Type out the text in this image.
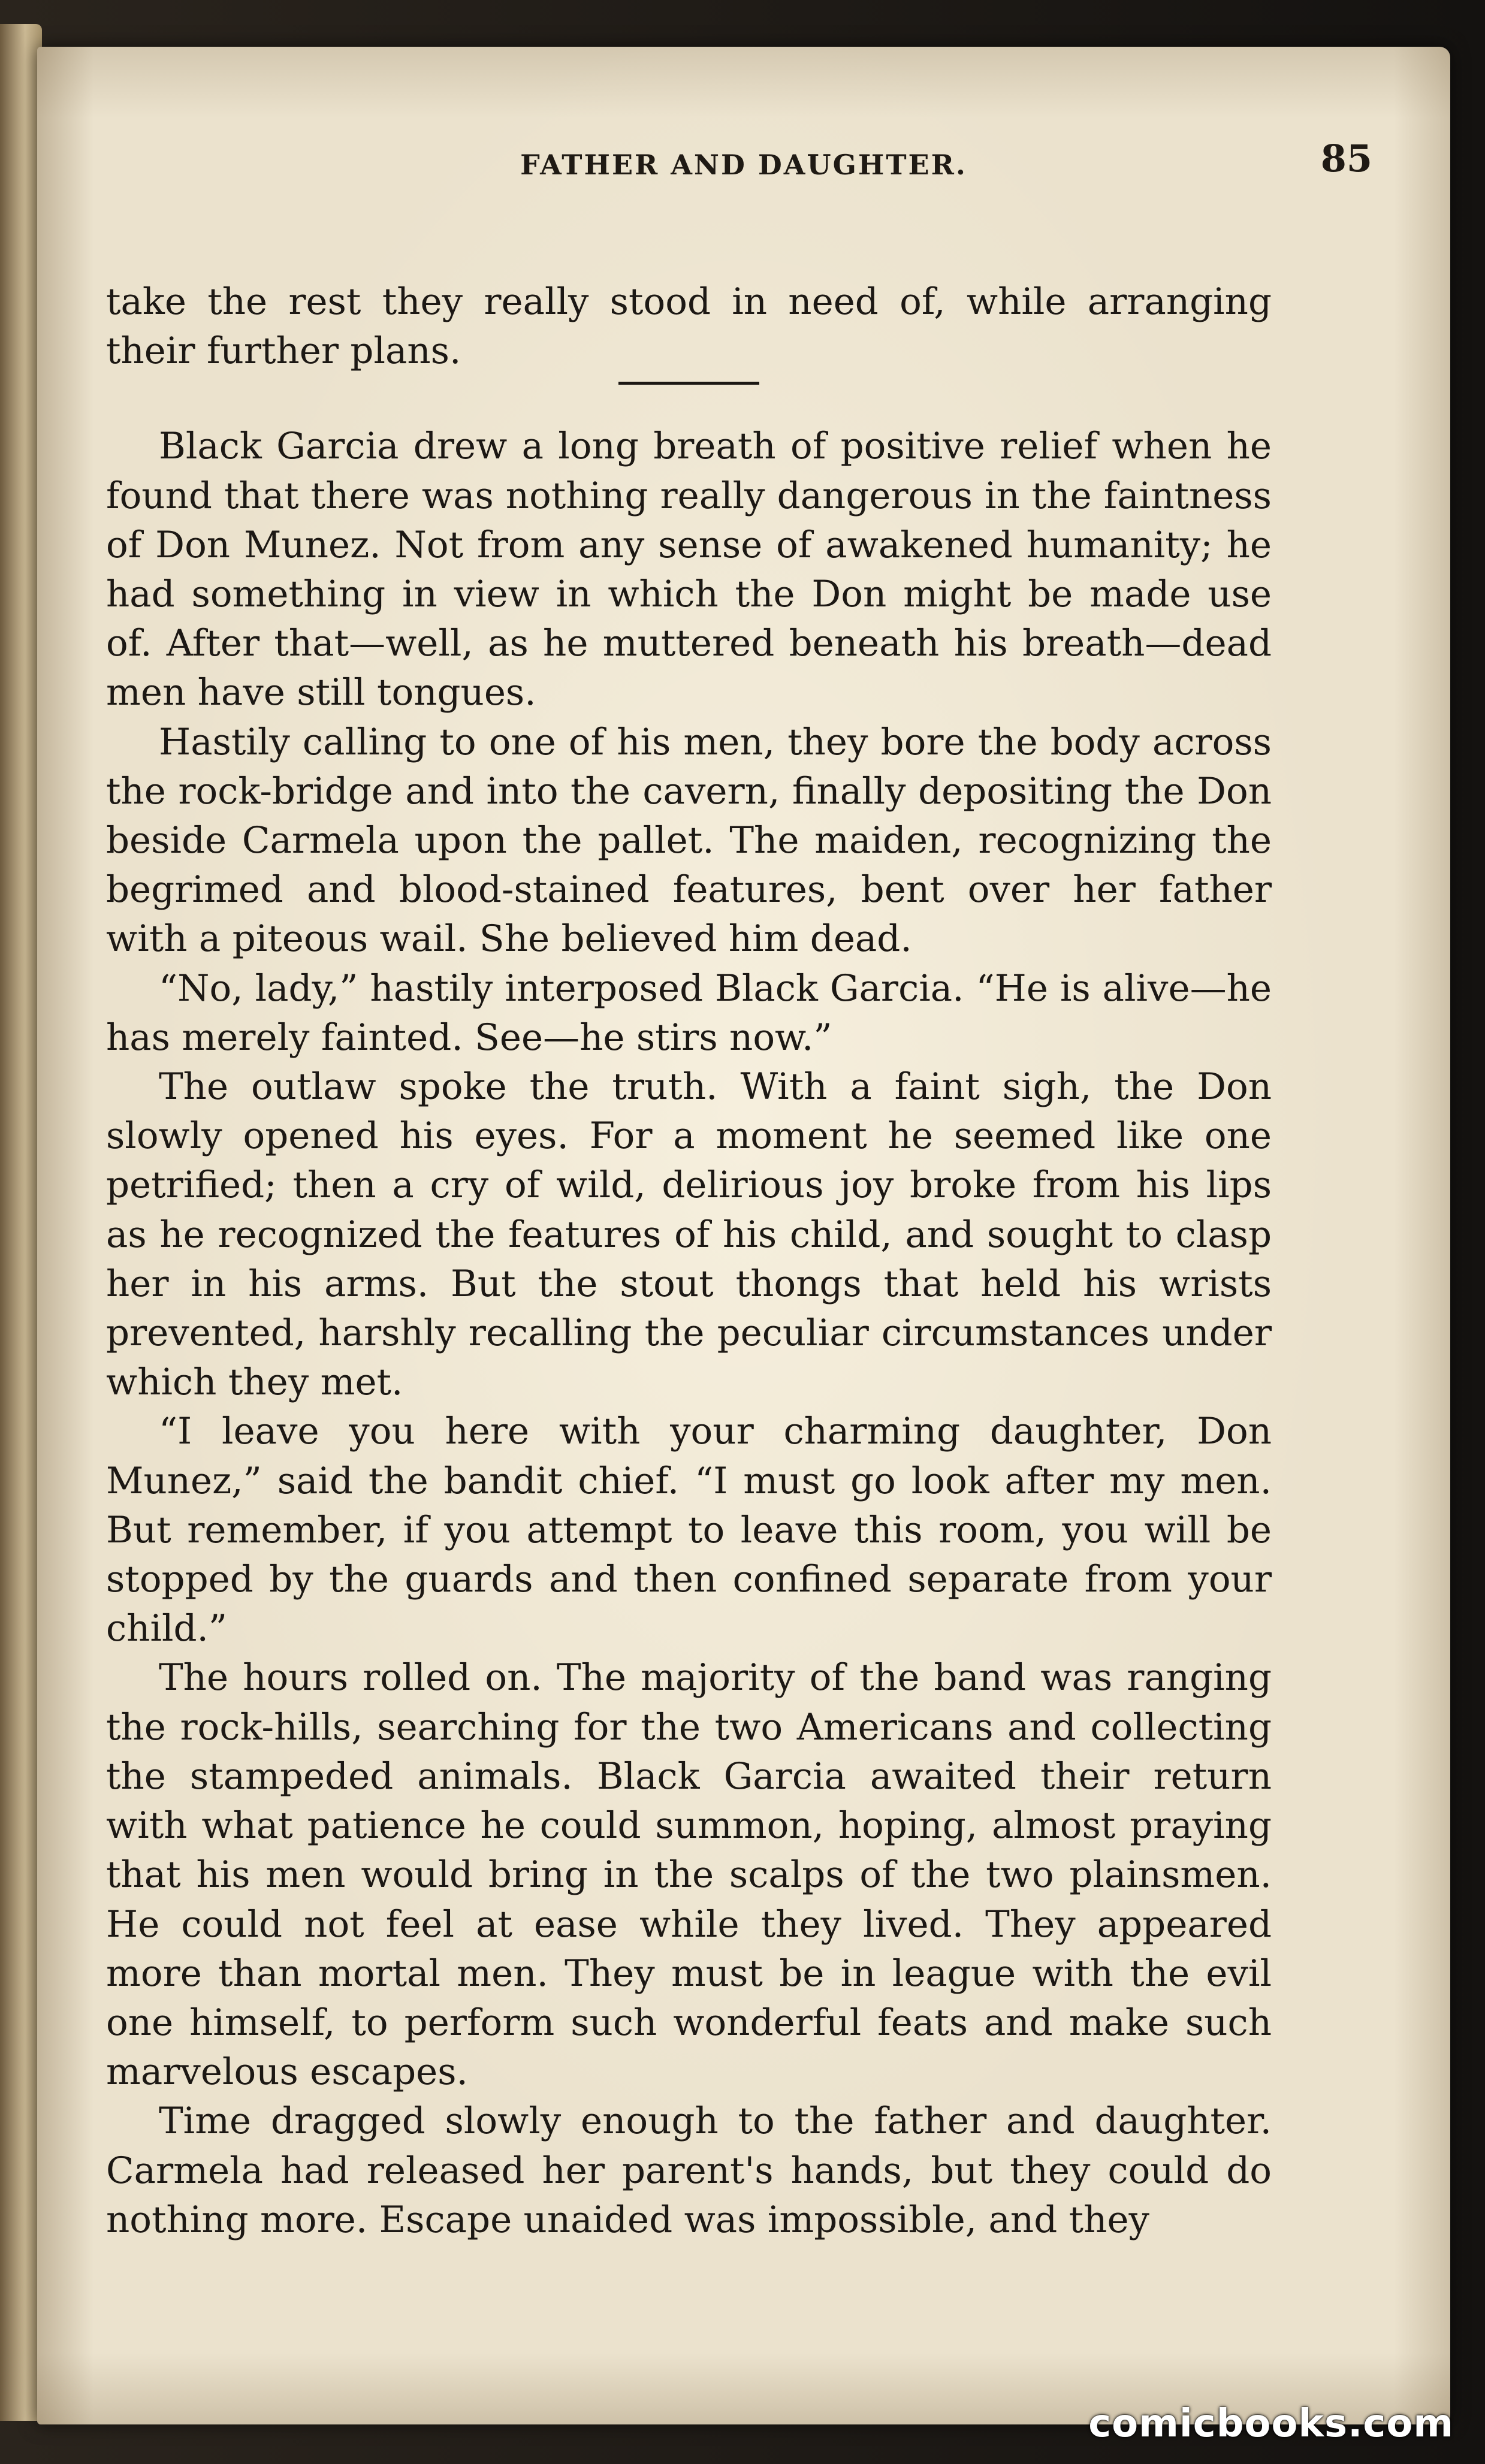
FATHER AND DAUGHTER.	85

take the rest they really stood in need of, while arranging their further plans.

Black Garcia drew a long breath of positive relief when he found that there was nothing really dangerous in the faintness of Don Munez. Not from any sense of awakened humanity; he had something in view in which the Don might be made use of. After that—well, as he muttered beneath his breath—dead men have still tongues.

Hastily calling to one of his men, they bore the body across the rock-bridge and into the cavern, finally depositing the Don beside Carmela upon the pallet. The maiden, recognizing the begrimed and blood-stained features, bent over her father with a piteous wail. She believed him dead.

“No, lady,” hastily interposed Black Garcia. “He is alive—he has merely fainted. See—he stirs now.”

The outlaw spoke the truth. With a faint sigh, the Don slowly opened his eyes. For a moment he seemed like one petrified; then a cry of wild, delirious joy broke from his lips as he recognized the features of his child, and sought to clasp her in his arms. But the stout thongs that held his wrists prevented, harshly recalling the peculiar circumstances under which they met.

“I leave you here with your charming daughter, Don Munez,” said the bandit chief. “I must go look after my men. But remember, if you attempt to leave this room, you will be stopped by the guards and then confined separate from your child.”

The hours rolled on. The majority of the band was ranging the rock-hills, searching for the two Americans and collecting the stampeded animals. Black Garcia awaited their return with what patience he could summon, hoping, almost praying that his men would bring in the scalps of the two plainsmen. He could not feel at ease while they lived. They appeared more than mortal men. They must be in league with the evil one himself, to perform such wonderful feats and make such marvelous escapes.

Time dragged slowly enough to the father and daughter. Carmela had released her parent's hands, but they could do nothing more. Escape unaided was impossible, and they

comicbooks.com
